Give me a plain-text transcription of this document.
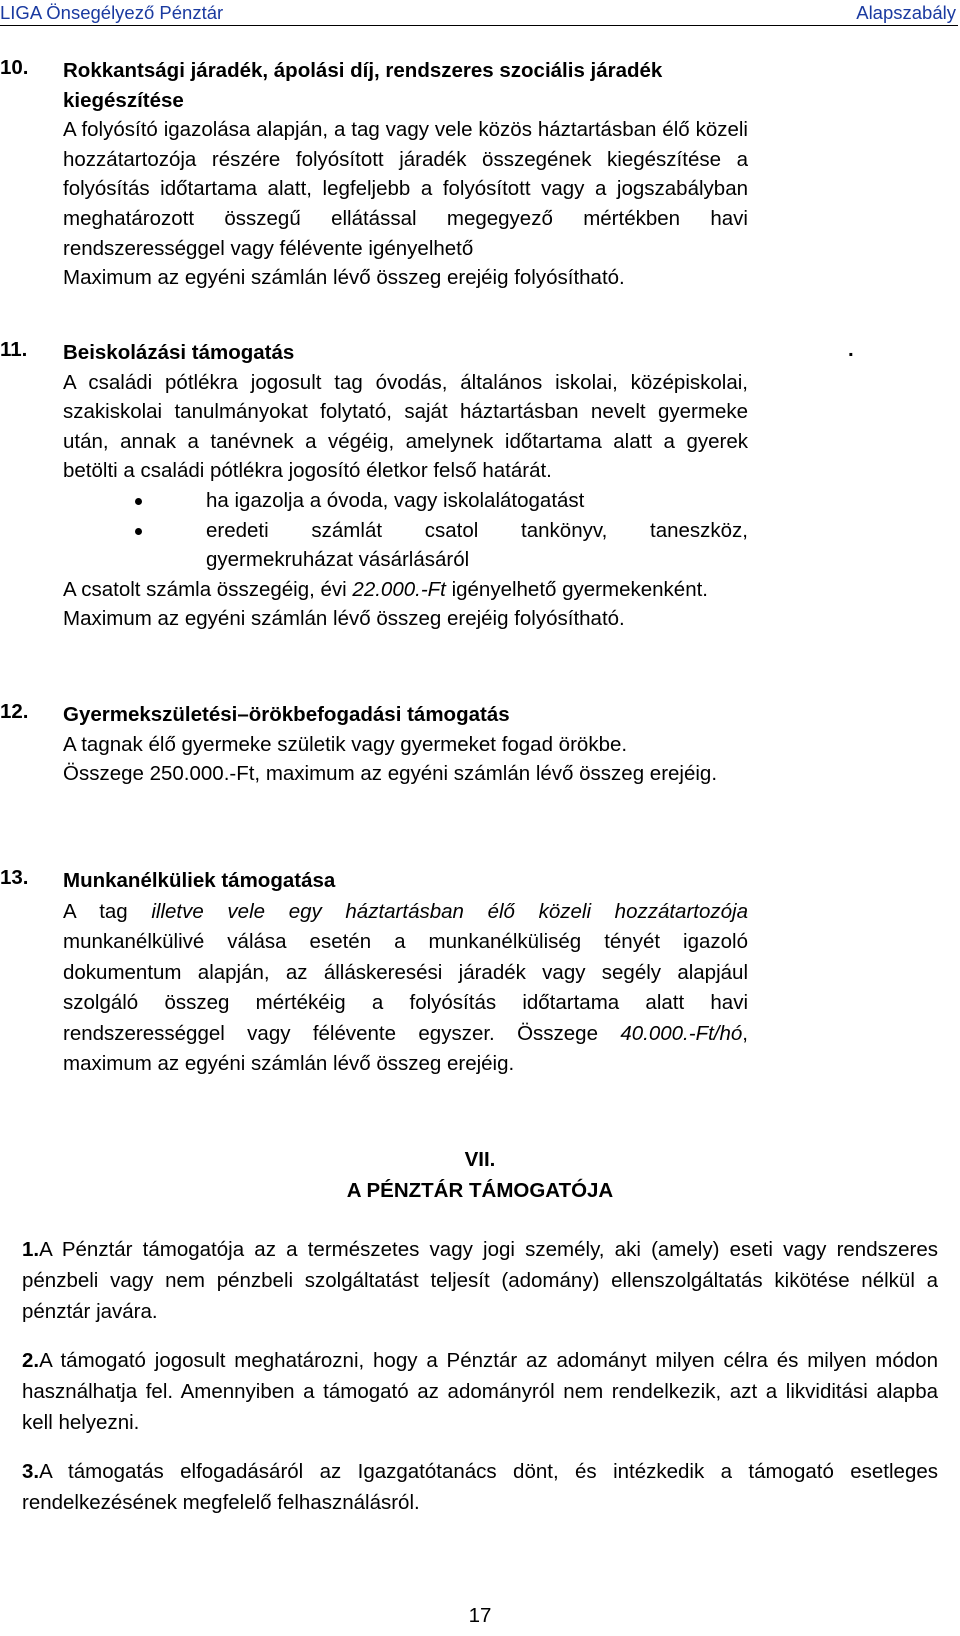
LIGA Önsegélyező Pénztár	Alapszabály
10. Rokkantsági járadék, ápolási díj, rendszeres szociális járadék kiegészítése
A folyósító igazolása alapján, a tag vagy vele közös háztartásban élő közeli hozzátartozója részére folyósított járadék összegének kiegészítése a folyósítás időtartama alatt, legfeljebb a folyósított vagy a jogszabályban meghatározott összegű ellátással megegyező mértékben havi rendszerességgel vagy félévente igényelhető
Maximum az egyéni számlán lévő összeg erejéig folyósítható.
11.	.
Beiskolázási támogatás
A családi pótlékra jogosult tag óvodás, általános iskolai, középiskolai, szakiskolai tanulmányokat folytató, saját háztartásban nevelt gyermeke után, annak a tanévnek a végéig, amelynek időtartama alatt a gyerek betölti a családi pótlékra jogosító életkor felső határát.
ha igazolja a óvoda, vagy iskolalátogatást
eredeti számlát csatol tankönyv, taneszköz, gyermekruházat vásárlásáról
A csatolt számla összegéig, évi 22.000.-Ft igényelhető gyermekenként.
Maximum az egyéni számlán lévő összeg erejéig folyósítható.
12. Gyermekszületési–örökbefogadási támogatás
A tagnak élő gyermeke születik vagy gyermeket fogad örökbe.
Összege 250.000.-Ft, maximum az egyéni számlán lévő összeg erejéig.
13. Munkanélküliek támogatása
A tag illetve vele egy háztartásban élő közeli hozzátartozója munkanélkülivé válása esetén a munkanélküliség tényét igazoló dokumentum alapján, az álláskeresési járadék vagy segély alapjául szolgáló összeg mértékéig a folyósítás időtartama alatt havi rendszerességgel vagy félévente egyszer. Összege 40.000.-Ft/hó, maximum az egyéni számlán lévő összeg erejéig.
VII.
A PÉNZTÁR TÁMOGATÓJA
1.A Pénztár támogatója az a természetes vagy jogi személy, aki (amely) eseti vagy rendszeres pénzbeli vagy nem pénzbeli szolgáltatást teljesít (adomány) ellenszolgáltatás kikötése nélkül a pénztár javára.
2.A támogató jogosult meghatározni, hogy a Pénztár az adományt milyen célra és milyen módon használhatja fel. Amennyiben a támogató az adományról nem rendelkezik, azt a likviditási alapba kell helyezni.
3.A támogatás elfogadásáról az Igazgatótanács dönt, és intézkedik a támogató esetleges rendelkezésének megfelelő felhasználásról.
17
